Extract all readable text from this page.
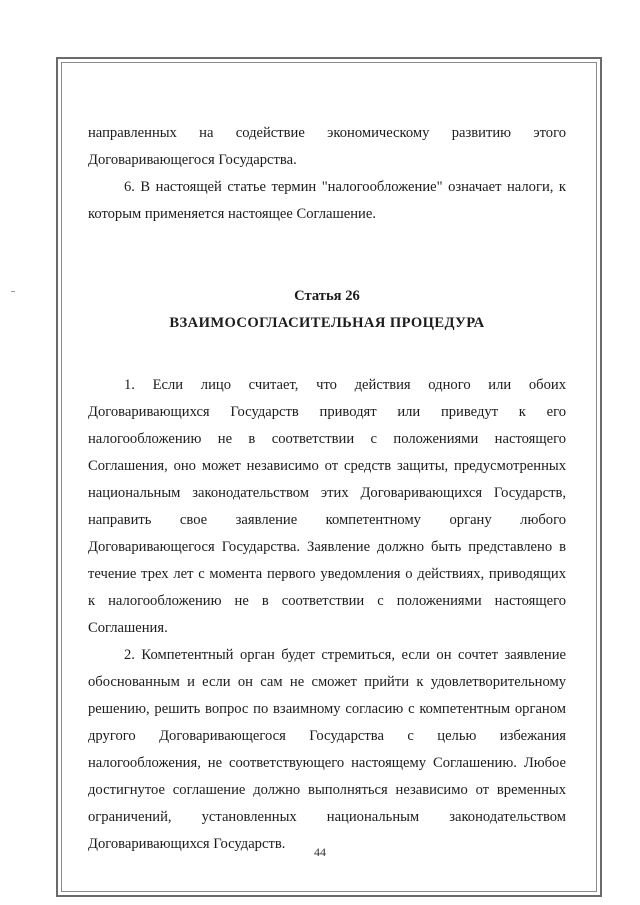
направленных на содействие экономическому развитию этого
Договаривающегося Государства.

6. В настоящей статье термин "налогообложение" означает налоги, к которым применяется настоящее Соглашение.

Статья 26

ВЗАИМОСОГЛАСИТЕЛЬНАЯ ПРОЦЕДУРА

1. Если лицо считает, что действия одного или обоих Договаривающихся Государств приводят или приведут к его налогообложению не в соответствии с положениями настоящего Соглашения, оно может независимо от средств защиты, предусмотренных национальным законодательством этих Договаривающихся Государств, направить свое заявление компетентному органу любого Договаривающегося Государства. Заявление должно быть представлено в течение трех лет с момента первого уведомления о действиях, приводящих к налогообложению не в соответствии с положениями настоящего Соглашения.

2. Компетентный орган будет стремиться, если он сочтет заявление обоснованным и если он сам не сможет прийти к удовлетворительному решению, решить вопрос по взаимному согласию с компетентным органом другого Договаривающегося Государства с целью избежания налогообложения, не соответствующего настоящему Соглашению. Любое достигнутое соглашение должно выполняться независимо от временных ограничений, установленных национальным законодательством Договаривающихся Государств.	44
